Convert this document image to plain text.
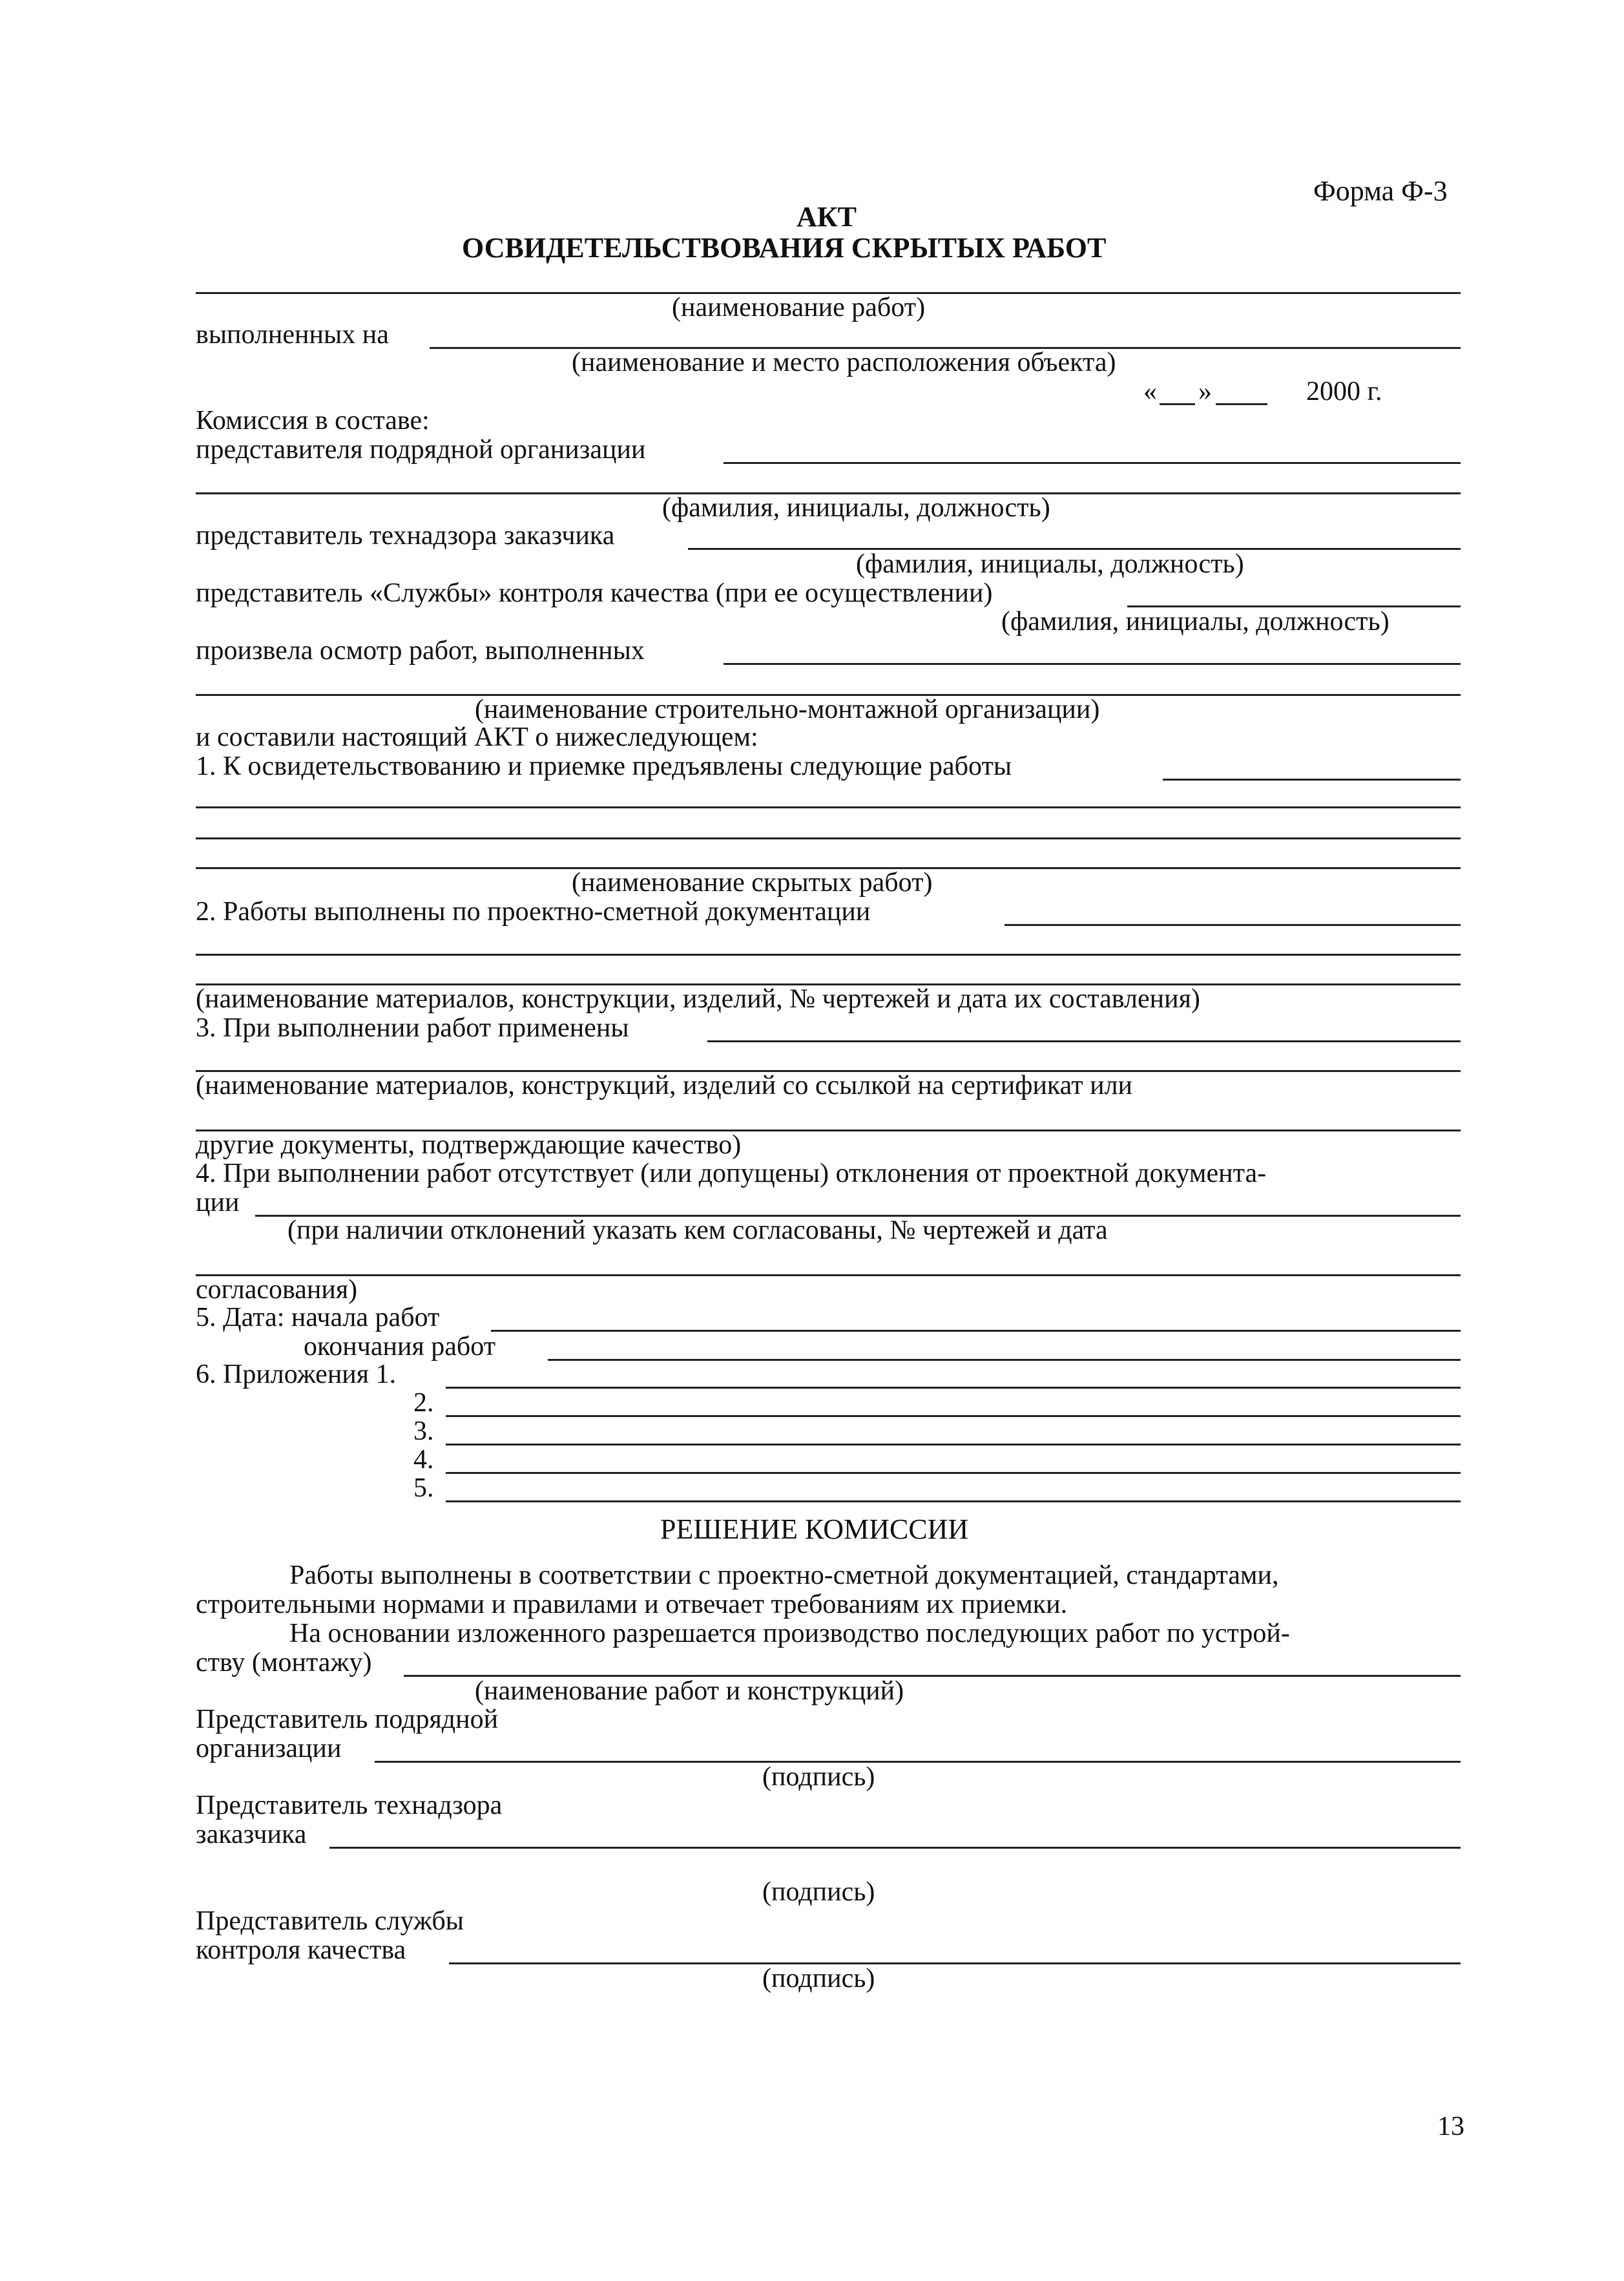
Форма Ф-3
АКТ
ОСВИДЕТЕЛЬСТВОВАНИЯ СКРЫТЫХ РАБОТ
(наименование работ)
выполненных на
(наименование и место расположения объекта)
« »	2000 г.
Комиссия в составе:
представителя подрядной организации
(фамилия, инициалы, должность)
представитель технадзора заказчика
(фамилия, инициалы, должность)
представитель «Службы» контроля качества (при ее осуществлении)
(фамилия, инициалы, должность)
произвела осмотр работ, выполненных
(наименование строительно-монтажной организации)
и составили настоящий АКТ о нижеследующем:
1. К освидетельствованию и приемке предъявлены следующие работы
(наименование скрытых работ)
2. Работы выполнены по проектно-сметной документации
(наименование материалов, конструкции, изделий, № чертежей и дата их составления)
3. При выполнении работ применены
(наименование материалов, конструкций, изделий со ссылкой на сертификат или
другие документы, подтверждающие качество)
4. При выполнении работ отсутствует (или допущены) отклонения от проектной документа-
ции
(при наличии отклонений указать кем согласованы, № чертежей и дата
согласования)
5. Дата: начала работ
окончания работ
6. Приложения 1.
2.
3.
4.
5.
РЕШЕНИЕ КОМИССИИ
Работы выполнены в соответствии с проектно-сметной документацией, стандартами,
строительными нормами и правилами и отвечает требованиям их приемки.
На основании изложенного разрешается производство последующих работ по устрой-
ству (монтажу)
(наименование работ и конструкций)
Представитель подрядной
организации
(подпись)
Представитель технадзора
заказчика
(подпись)
Представитель службы
контроля качества
(подпись)
13
